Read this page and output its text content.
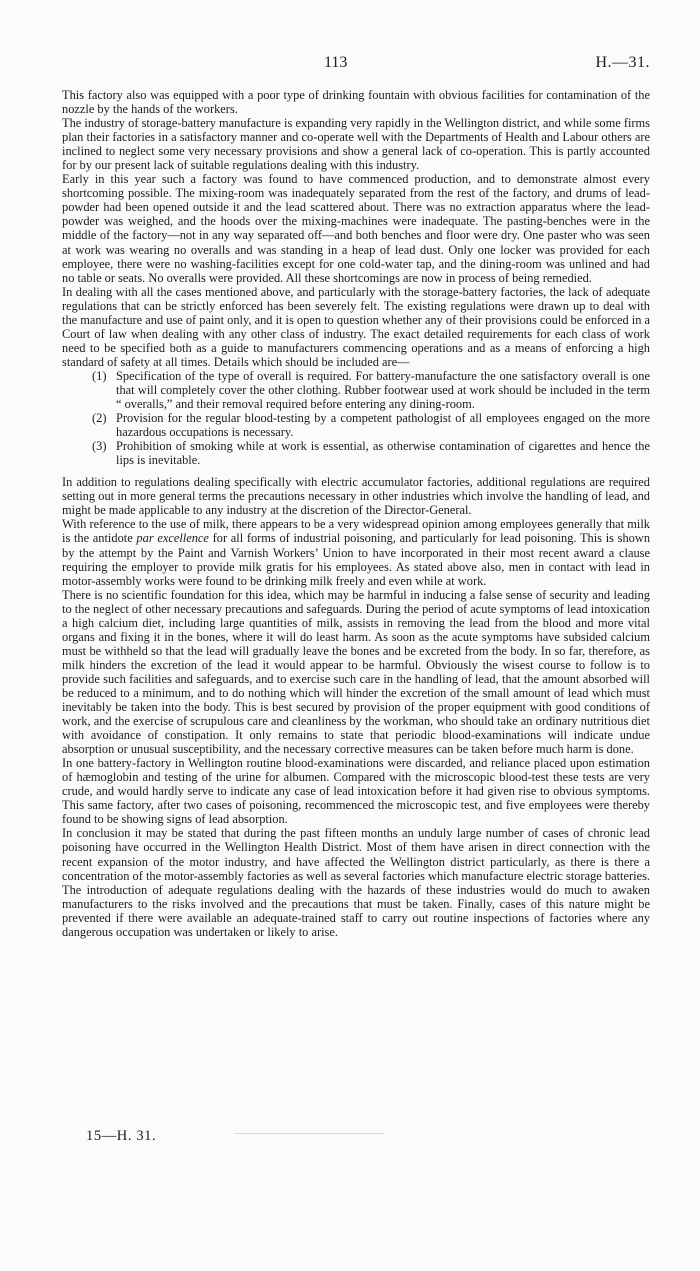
113	H.—31.

This factory also was equipped with a poor type of drinking fountain with obvious facilities for contamination of the nozzle by the hands of the workers.

The industry of storage-battery manufacture is expanding very rapidly in the Wellington district, and while some firms plan their factories in a satisfactory manner and co-operate well with the Departments of Health and Labour others are inclined to neglect some very necessary provisions and show a general lack of co-operation. This is partly accounted for by our present lack of suitable regulations dealing with this industry.

Early in this year such a factory was found to have commenced production, and to demonstrate almost every shortcoming possible. The mixing-room was inadequately separated from the rest of the factory, and drums of lead-powder had been opened outside it and the lead scattered about. There was no extraction apparatus where the lead-powder was weighed, and the hoods over the mixing-machines were inadequate. The pasting-benches were in the middle of the factory—not in any way separated off—and both benches and floor were dry. One paster who was seen at work was wearing no overalls and was standing in a heap of lead dust. Only one locker was provided for each employee, there were no washing-facilities except for one cold-water tap, and the dining-room was unlined and had no table or seats. No overalls were provided. All these shortcomings are now in process of being remedied.

In dealing with all the cases mentioned above, and particularly with the storage-battery factories, the lack of adequate regulations that can be strictly enforced has been severely felt. The existing regulations were drawn up to deal with the manufacture and use of paint only, and it is open to question whether any of their provisions could be enforced in a Court of law when dealing with any other class of industry. The exact detailed requirements for each class of work need to be specified both as a guide to manufacturers commencing operations and as a means of enforcing a high standard of safety at all times. Details which should be included are—

(1) Specification of the type of overall is required. For battery-manufacture the one satisfactory overall is one that will completely cover the other clothing. Rubber footwear used at work should be included in the term “ overalls,” and their removal required before entering any dining-room.
(2) Provision for the regular blood-testing by a competent pathologist of all employees engaged on the more hazardous occupations is necessary.
(3) Prohibition of smoking while at work is essential, as otherwise contamination of cigarettes and hence the lips is inevitable.

In addition to regulations dealing specifically with electric accumulator factories, additional regulations are required setting out in more general terms the precautions necessary in other industries which involve the handling of lead, and might be made applicable to any industry at the discretion of the Director-General.

With reference to the use of milk, there appears to be a very widespread opinion among employees generally that milk is the antidote par excellence for all forms of industrial poisoning, and particularly for lead poisoning. This is shown by the attempt by the Paint and Varnish Workers’ Union to have incorporated in their most recent award a clause requiring the employer to provide milk gratis for his employees. As stated above also, men in contact with lead in motor-assembly works were found to be drinking milk freely and even while at work.

There is no scientific foundation for this idea, which may be harmful in inducing a false sense of security and leading to the neglect of other necessary precautions and safeguards. During the period of acute symptoms of lead intoxication a high calcium diet, including large quantities of milk, assists in removing the lead from the blood and more vital organs and fixing it in the bones, where it will do least harm. As soon as the acute symptoms have subsided calcium must be withheld so that the lead will gradually leave the bones and be excreted from the body. In so far, therefore, as milk hinders the excretion of the lead it would appear to be harmful. Obviously the wisest course to follow is to provide such facilities and safeguards, and to exercise such care in the handling of lead, that the amount absorbed will be reduced to a minimum, and to do nothing which will hinder the excretion of the small amount of lead which must inevitably be taken into the body. This is best secured by provision of the proper equipment with good conditions of work, and the exercise of scrupulous care and cleanliness by the workman, who should take an ordinary nutritious diet with avoidance of constipation. It only remains to state that periodic blood-examinations will indicate undue absorption or unusual susceptibility, and the necessary corrective measures can be taken before much harm is done.

In one battery-factory in Wellington routine blood-examinations were discarded, and reliance placed upon estimation of hæmoglobin and testing of the urine for albumen. Compared with the microscopic blood-test these tests are very crude, and would hardly serve to indicate any case of lead intoxication before it had given rise to obvious symptoms. This same factory, after two cases of poisoning, recommenced the microscopic test, and five employees were thereby found to be showing signs of lead absorption.

In conclusion it may be stated that during the past fifteen months an unduly large number of cases of chronic lead poisoning have occurred in the Wellington Health District. Most of them have arisen in direct connection with the recent expansion of the motor industry, and have affected the Wellington district particularly, as there is there a concentration of the motor-assembly factories as well as several factories which manufacture electric storage batteries. The introduction of adequate regulations dealing with the hazards of these industries would do much to awaken manufacturers to the risks involved and the precautions that must be taken. Finally, cases of this nature might be prevented if there were available an adequate-trained staff to carry out routine inspections of factories where any dangerous occupation was undertaken or likely to arise.

15—H. 31.
